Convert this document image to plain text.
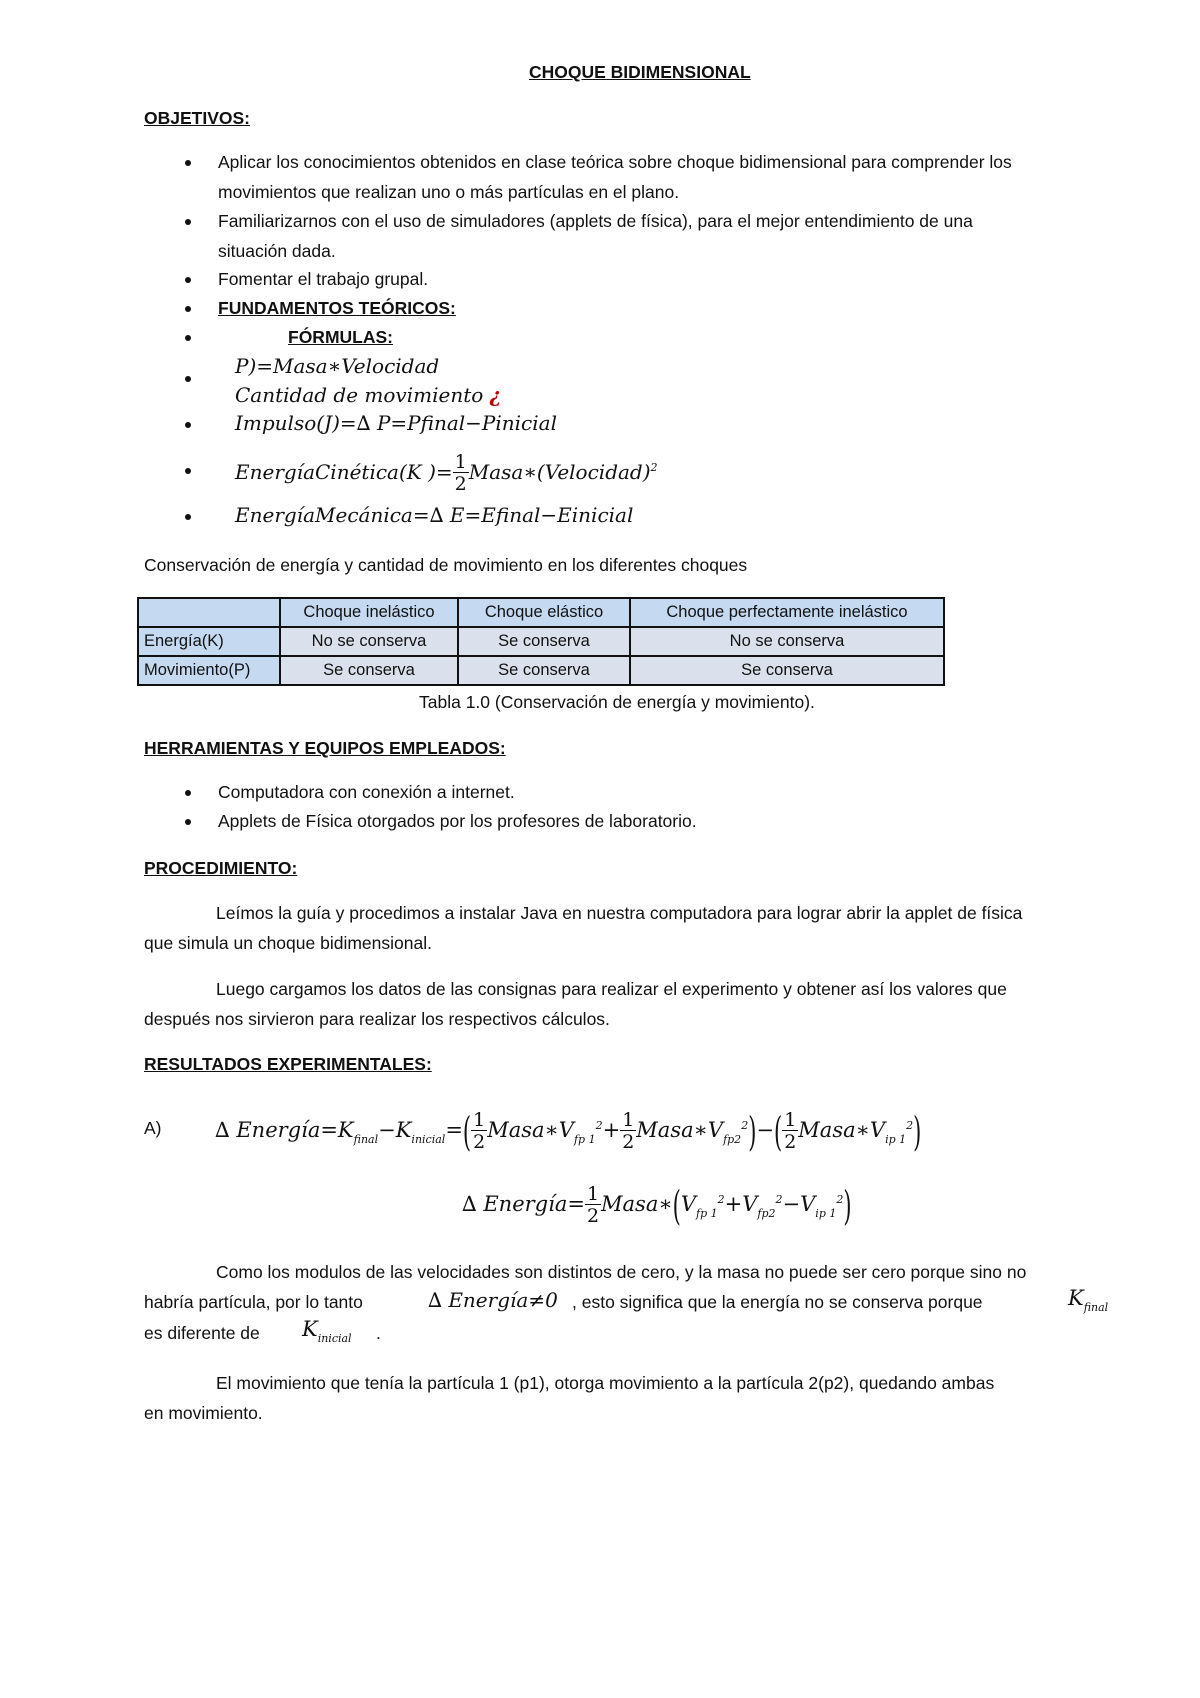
CHOQUE BIDIMENSIONAL
OBJETIVOS:
Aplicar los conocimientos obtenidos en clase teórica sobre choque bidimensional para comprender los
movimientos que realizan uno o más partículas en el plano.
Familiarizarnos con el uso de simuladores (applets de física), para el mejor entendimiento de una
situación dada.
Fomentar el trabajo grupal.
FUNDAMENTOS TEÓRICOS:
FÓRMULAS:
P)=Masa∗Velocidad
Cantidad de movimiento ¿
Impulso(J)=∆ P=Pfinal−Pinicial
EnergíaCinética(K )= $\frac{1}{2}$ Masa∗(Velocidad)$^2$
EnergíaMecánica=∆ E=Efinal−Einicial
Conservación de energía y cantidad de movimiento en los diferentes choques
	Choque inelástico	Choque elástico	Choque perfectamente inelástico
Energía(K)	No se conserva	Se conserva	No se conserva
Movimiento(P)	Se conserva	Se conserva	Se conserva
Tabla 1.0 (Conservación de energía y movimiento).
HERRAMIENTAS Y EQUIPOS EMPLEADOS:
Computadora con conexión a internet.
Applets de Física otorgados por los profesores de laboratorio.
PROCEDIMIENTO:
Leímos la guía y procedimos a instalar Java en nuestra computadora para lograr abrir la applet de física
que simula un choque bidimensional.
Luego cargamos los datos de las consignas para realizar el experimento y obtener así los valores que
después nos sirvieron para realizar los respectivos cálculos.
RESULTADOS EXPERIMENTALES:
A)	∆ $Energía=K_{final}-K_{inicial}=( \frac{1}{2}$ $Masa∗V_{fp 1}^2+ \frac{1}{2}$ $Masa∗V_{fp2}^2)-( \frac{1}{2}$ $Masa∗V_{ip 1}^2$)
∆ Energía= $\frac{1}{2}$ $Masa∗(V_{fp 1}^2+V_{fp2}^2-V_{ip 1}^2)$
Como los modulos de las velocidades son distintos de cero, y la masa no puede ser cero porque sino no
habría partícula, por lo tanto	∆ Energía≠0 , esto significa que la energía no se conserva porque	$K_{final}$
es diferente de $K_{inicial}$ .
El movimiento que tenía la partícula 1 (p1), otorga movimiento a la partícula 2(p2), quedando ambas
en movimiento.
